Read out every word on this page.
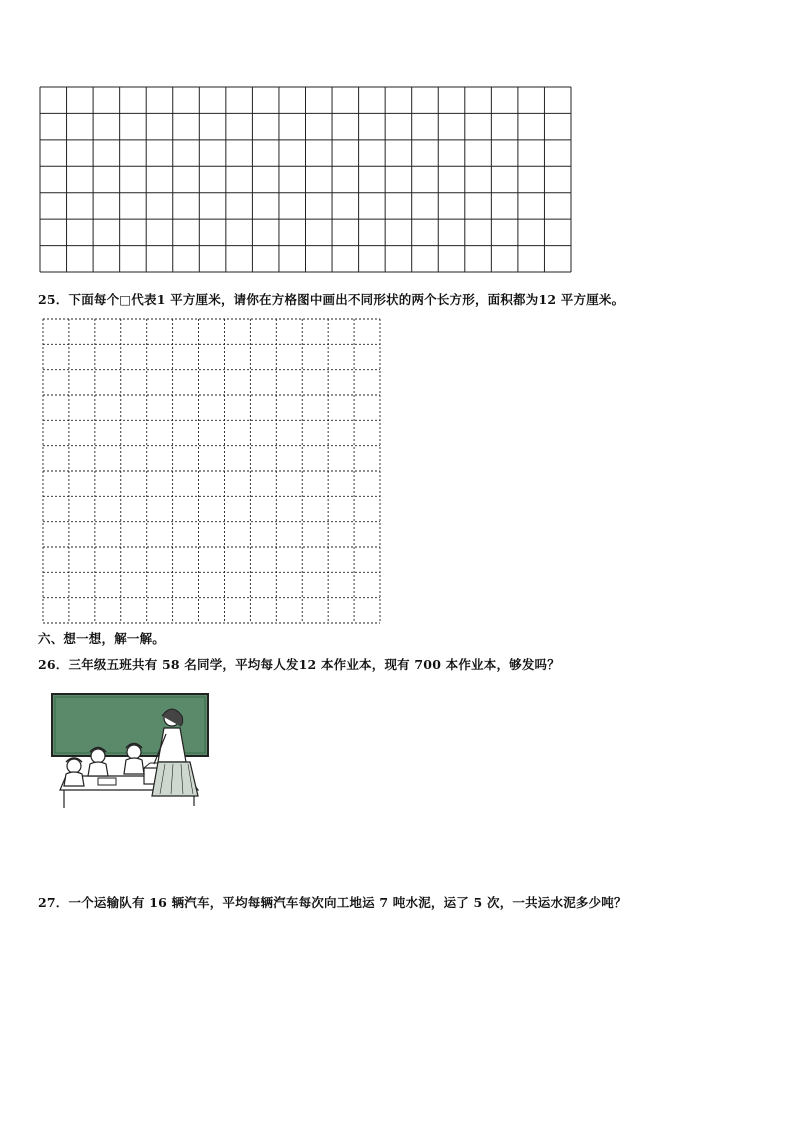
25．下面每个□代表1 平方厘米，请你在方格图中画出不同形状的两个长方形，面积都为12 平方厘米。
六、想一想，解一解。
26．三年级五班共有 58 名同学，平均每人发12 本作业本，现有 700 本作业本，够发吗？
27．一个运输队有 16 辆汽车，平均每辆汽车每次向工地运 7 吨水泥，运了 5 次，一共运水泥多少吨？
